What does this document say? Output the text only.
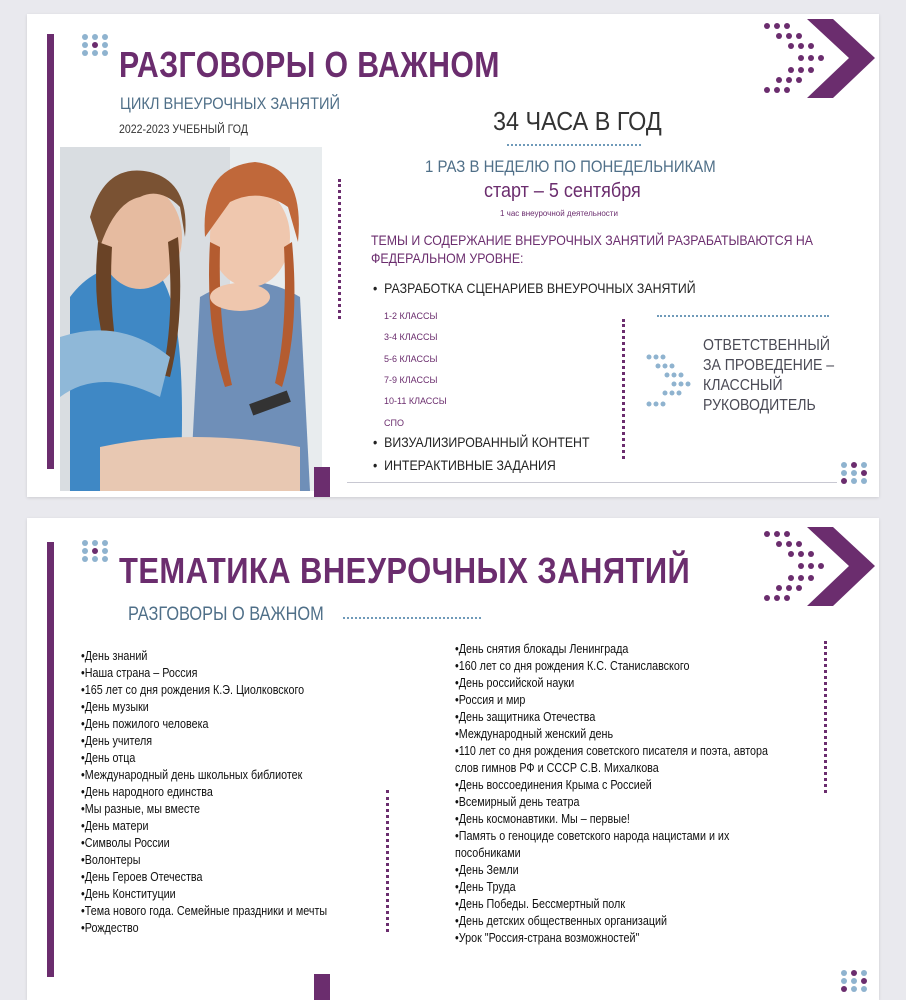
РАЗГОВОРЫ О ВАЖНОМ
ЦИКЛ ВНЕУРОЧНЫХ ЗАНЯТИЙ
2022-2023 УЧЕБНЫЙ ГОД	34 ЧАСА В ГОД
1 РАЗ В НЕДЕЛЮ ПО ПОНЕДЕЛЬНИКАМ
старт – 5 сентября
1 час внеурочной деятельности
ТЕМЫ И СОДЕРЖАНИЕ ВНЕУРОЧНЫХ ЗАНЯТИЙ РАЗРАБАТЫВАЮТСЯ НА ФЕДЕРАЛЬНОМ УРОВНЕ:
• РАЗРАБОТКА СЦЕНАРИЕВ ВНЕУРОЧНЫХ ЗАНЯТИЙ
1-2 КЛАССЫ
3-4 КЛАССЫ
5-6 КЛАССЫ
7-9 КЛАССЫ
10-11 КЛАССЫ
СПО
• ВИЗУАЛИЗИРОВАННЫЙ КОНТЕНТ
• ИНТЕРАКТИВНЫЕ ЗАДАНИЯ
ОТВЕТСТВЕННЫЙ ЗА ПРОВЕДЕНИЕ – КЛАССНЫЙ РУКОВОДИТЕЛЬ
ТЕМАТИКА ВНЕУРОЧНЫХ ЗАНЯТИЙ
РАЗГОВОРЫ О ВАЖНОМ
•День знаний
•Наша страна – Россия
•165 лет со дня рождения К.Э. Циолковского
•День музыки
•День пожилого человека
•День учителя
•День отца
•Международный день школьных библиотек
•День народного единства
•Мы разные, мы вместе
•День матери
•Символы России
•Волонтеры
•День Героев Отечества
•День Конституции
•Тема нового года. Семейные праздники и мечты
•Рождество
•День снятия блокады Ленинграда
•160 лет со дня рождения К.С. Станиславского
•День российской науки
•Россия и мир
•День защитника Отечества
•Международный женский день
•110 лет со дня рождения советского писателя и поэта, автора
слов гимнов РФ и СССР С.В. Михалкова
•День воссоединения Крыма с Россией
•Всемирный день театра
•День космонавтики. Мы – первые!
•Память о геноциде советского народа нацистами и их
пособниками
•День Земли
•День Труда
•День Победы. Бессмертный полк
•День детских общественных организаций
•Урок "Россия-страна возможностей"
